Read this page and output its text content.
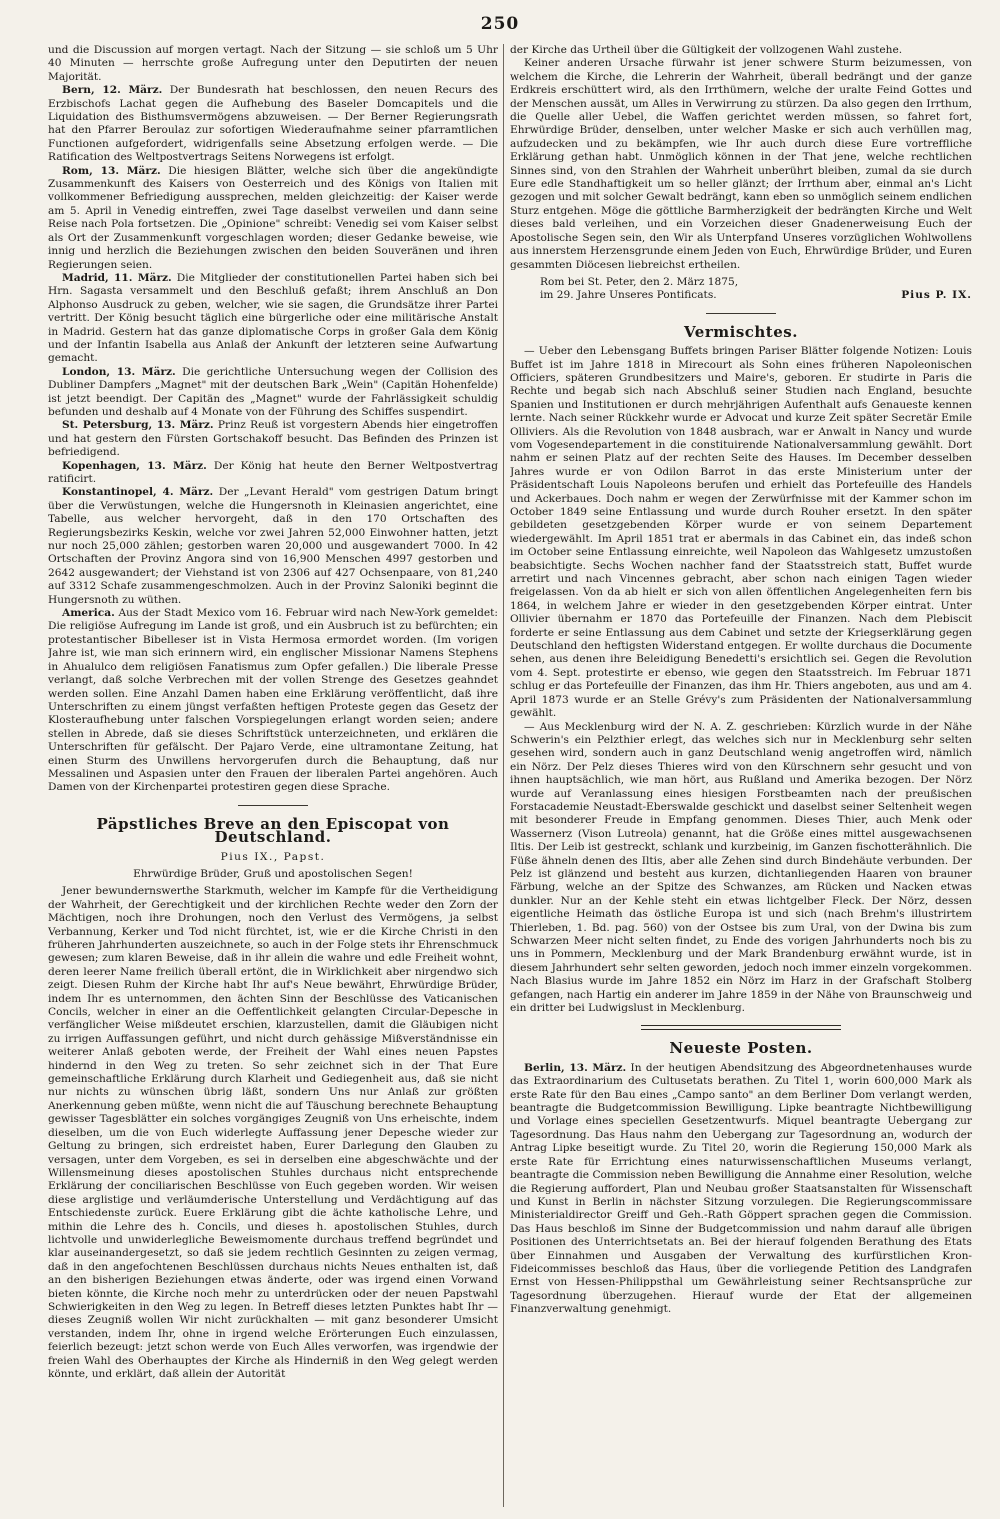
250

und die Discussion auf morgen vertagt. Nach der Sitzung — sie schloß um 5 Uhr 40 Minuten — herrschte große Aufregung unter den Deputirten der neuen Majorität.

Bern, 12. März. Der Bundesrath hat beschlossen, den neuen Recurs des Erzbischofs Lachat gegen die Aufhebung des Baseler Domcapitels und die Liquidation des Bisthumsvermögens abzuweisen. — Der Berner Regierungsrath hat den Pfarrer Beroulaz zur sofortigen Wiederaufnahme seiner pfarramtlichen Functionen aufgefordert, widrigenfalls seine Absetzung erfolgen werde. — Die Ratification des Weltpostvertrags Seitens Norwegens ist erfolgt.

Rom, 13. März. Die hiesigen Blätter, welche sich über die angekündigte Zusammenkunft des Kaisers von Oesterreich und des Königs von Italien mit vollkommener Befriedigung aussprechen, melden gleichzeitig: der Kaiser werde am 5. April in Venedig eintreffen, zwei Tage daselbst verweilen und dann seine Reise nach Pola fortsetzen. Die „Opinione" schreibt: Venedig sei vom Kaiser selbst als Ort der Zusammenkunft vorgeschlagen worden; dieser Gedanke beweise, wie innig und herzlich die Beziehungen zwischen den beiden Souveränen und ihren Regierungen seien.

Madrid, 11. März. Die Mitglieder der constitutionellen Partei haben sich bei Hrn. Sagasta versammelt und den Beschluß gefaßt; ihrem Anschluß an Don Alphonso Ausdruck zu geben, welcher, wie sie sagen, die Grundsätze ihrer Partei vertritt. Der König besucht täglich eine bürgerliche oder eine militärische Anstalt in Madrid. Gestern hat das ganze diplomatische Corps in großer Gala dem König und der Infantin Isabella aus Anlaß der Ankunft der letzteren seine Aufwartung gemacht.

London, 13. März. Die gerichtliche Untersuchung wegen der Collision des Dubliner Dampfers „Magnet" mit der deutschen Bark „Wein" (Capitän Hohenfelde) ist jetzt beendigt. Der Capitän des „Magnet" wurde der Fahrlässigkeit schuldig befunden und deshalb auf 4 Monate von der Führung des Schiffes suspendirt.

St. Petersburg, 13. März. Prinz Reuß ist vorgestern Abends hier eingetroffen und hat gestern den Fürsten Gortschakoff besucht. Das Befinden des Prinzen ist befriedigend.

Kopenhagen, 13. März. Der König hat heute den Berner Weltpostvertrag ratificirt.

Konstantinopel, 4. März. Der „Levant Herald" vom gestrigen Datum bringt über die Verwüstungen, welche die Hungersnoth in Kleinasien angerichtet, eine Tabelle, aus welcher hervorgeht, daß in den 170 Ortschaften des Regierungsbezirks Keskin, welche vor zwei Jahren 52,000 Einwohner hatten, jetzt nur noch 25,000 zählen; gestorben waren 20,000 und ausgewandert 7000. In 42 Ortschaften der Provinz Angora sind von 16,900 Menschen 4997 gestorben und 2642 ausgewandert; der Viehstand ist von 2306 auf 427 Ochsenpaare, von 81,240 auf 3312 Schafe zusammengeschmolzen. Auch in der Provinz Saloniki beginnt die Hungersnoth zu wüthen.

America. Aus der Stadt Mexico vom 16. Februar wird nach New-York gemeldet: Die religiöse Aufregung im Lande ist groß, und ein Ausbruch ist zu befürchten; ein protestantischer Bibelleser ist in Vista Hermosa ermordet worden. (Im vorigen Jahre ist, wie man sich erinnern wird, ein englischer Missionar Namens Stephens in Ahualulco dem religiösen Fanatismus zum Opfer gefallen.) Die liberale Presse verlangt, daß solche Verbrechen mit der vollen Strenge des Gesetzes geahndet werden sollen. Eine Anzahl Damen haben eine Erklärung veröffentlicht, daß ihre Unterschriften zu einem jüngst verfaßten heftigen Proteste gegen das Gesetz der Klosteraufhebung unter falschen Vorspiegelungen erlangt worden seien; andere stellen in Abrede, daß sie dieses Schriftstück unterzeichneten, und erklären die Unterschriften für gefälscht. Der Pajaro Verde, eine ultramontane Zeitung, hat einen Sturm des Unwillens hervorgerufen durch die Behauptung, daß nur Messalinen und Aspasien unter den Frauen der liberalen Partei angehören. Auch Damen von der Kirchenpartei protestiren gegen diese Sprache.

Päpstliches Breve an den Episcopat von Deutschland.
Pius IX., Papst.
Ehrwürdige Brüder, Gruß und apostolischen Segen!

Jener bewundernswerthe Starkmuth, welcher im Kampfe für die Vertheidigung der Wahrheit, der Gerechtigkeit und der kirchlichen Rechte weder den Zorn der Mächtigen, noch ihre Drohungen, noch den Verlust des Vermögens, ja selbst Verbannung, Kerker und Tod nicht fürchtet, ist, wie er die Kirche Christi in den früheren Jahrhunderten auszeichnete, so auch in der Folge stets ihr Ehrenschmuck gewesen; zum klaren Beweise, daß in ihr allein die wahre und edle Freiheit wohnt, deren leerer Name freilich überall ertönt, die in Wirklichkeit aber nirgendwo sich zeigt. Diesen Ruhm der Kirche habt Ihr auf's Neue bewährt, Ehrwürdige Brüder, indem Ihr es unternommen, den ächten Sinn der Beschlüsse des Vaticanischen Concils, welcher in einer an die Oeffentlichkeit gelangten Circular-Depesche in verfänglicher Weise mißdeutet erschien, klarzustellen, damit die Gläubigen nicht zu irrigen Auffassungen geführt, und nicht durch gehässige Mißverständnisse ein weiterer Anlaß geboten werde, der Freiheit der Wahl eines neuen Papstes hindernd in den Weg zu treten. So sehr zeichnet sich in der That Eure gemeinschaftliche Erklärung durch Klarheit und Gediegenheit aus, daß sie nicht nur nichts zu wünschen übrig läßt, sondern Uns nur Anlaß zur größten Anerkennung geben müßte, wenn nicht die auf Täuschung berechnete Behauptung gewisser Tagesblätter ein solches vorgängiges Zeugniß von Uns erheischte, indem dieselben, um die von Euch widerlegte Auffassung jener Depesche wieder zur Geltung zu bringen, sich erdreistet haben, Eurer Darlegung den Glauben zu versagen, unter dem Vorgeben, es sei in derselben eine abgeschwächte und der Willensmeinung dieses apostolischen Stuhles durchaus nicht entsprechende Erklärung der conciliarischen Beschlüsse von Euch gegeben worden. Wir weisen diese arglistige und verläumderische Unterstellung und Verdächtigung auf das Entschiedenste zurück. Euere Erklärung gibt die ächte katholische Lehre, und mithin die Lehre des h. Concils, und dieses h. apostolischen Stuhles, durch lichtvolle und unwiderlegliche Beweismomente durchaus treffend begründet und klar auseinandergesetzt, so daß sie jedem rechtlich Gesinnten zu zeigen vermag, daß in den angefochtenen Beschlüssen durchaus nichts Neues enthalten ist, daß an den bisherigen Beziehungen etwas änderte, oder was irgend einen Vorwand bieten könnte, die Kirche noch mehr zu unterdrücken oder der neuen Papstwahl Schwierigkeiten in den Weg zu legen. In Betreff dieses letzten Punktes habt Ihr — dieses Zeugniß wollen Wir nicht zurückhalten — mit ganz besonderer Umsicht verstanden, indem Ihr, ohne in irgend welche Erörterungen Euch einzulassen, feierlich bezeugt: jetzt schon werde von Euch Alles verworfen, was irgendwie der freien Wahl des Oberhauptes der Kirche als Hinderniß in den Weg gelegt werden könnte, und erklärt, daß allein der Autorität

der Kirche das Urtheil über die Gültigkeit der vollzogenen Wahl zustehe.

Keiner anderen Ursache fürwahr ist jener schwere Sturm beizumessen, von welchem die Kirche, die Lehrerin der Wahrheit, überall bedrängt und der ganze Erdkreis erschüttert wird, als den Irrthümern, welche der uralte Feind Gottes und der Menschen aussät, um Alles in Verwirrung zu stürzen. Da also gegen den Irrthum, die Quelle aller Uebel, die Waffen gerichtet werden müssen, so fahret fort, Ehrwürdige Brüder, denselben, unter welcher Maske er sich auch verhüllen mag, aufzudecken und zu bekämpfen, wie Ihr auch durch diese Eure vortreffliche Erklärung gethan habt. Unmöglich können in der That jene, welche rechtlichen Sinnes sind, von den Strahlen der Wahrheit unberührt bleiben, zumal da sie durch Eure edle Standhaftigkeit um so heller glänzt; der Irrthum aber, einmal an's Licht gezogen und mit solcher Gewalt bedrängt, kann eben so unmöglich seinem endlichen Sturz entgehen. Möge die göttliche Barmherzigkeit der bedrängten Kirche und Welt dieses bald verleihen, und ein Vorzeichen dieser Gnadenerweisung Euch der Apostolische Segen sein, den Wir als Unterpfand Unseres vorzüglichen Wohlwollens aus innerstem Herzensgrunde einem Jeden von Euch, Ehrwürdige Brüder, und Euren gesammten Diöcesen liebreichst ertheilen.

Rom bei St. Peter, den 2. März 1875,
im 29. Jahre Unseres Pontificats.	Pius P. IX.
Vermischtes.

— Ueber den Lebensgang Buffets bringen Pariser Blätter folgende Notizen: Louis Buffet ist im Jahre 1818 in Mirecourt als Sohn eines früheren Napoleonischen Officiers, späteren Grundbesitzers und Maire's, geboren. Er studirte in Paris die Rechte und begab sich nach Abschluß seiner Studien nach England, besuchte Spanien und Institutionen er durch mehrjährigen Aufenthalt aufs Genaueste kennen lernte. Nach seiner Rückkehr wurde er Advocat und kurze Zeit später Secretär Emile Olliviers. Als die Revolution von 1848 ausbrach, war er Anwalt in Nancy und wurde vom Vogesendepartement in die constituirende Nationalversammlung gewählt. Dort nahm er seinen Platz auf der rechten Seite des Hauses. Im December desselben Jahres wurde er von Odilon Barrot in das erste Ministerium unter der Präsidentschaft Louis Napoleons berufen und erhielt das Portefeuille des Handels und Ackerbaues. Doch nahm er wegen der Zerwürfnisse mit der Kammer schon im October 1849 seine Entlassung und wurde durch Rouher ersetzt. In den später gebildeten gesetzgebenden Körper wurde er von seinem Departement wiedergewählt. Im April 1851 trat er abermals in das Cabinet ein, das indeß schon im October seine Entlassung einreichte, weil Napoleon das Wahlgesetz umzustoßen beabsichtigte. Sechs Wochen nachher fand der Staatsstreich statt, Buffet wurde arretirt und nach Vincennes gebracht, aber schon nach einigen Tagen wieder freigelassen. Von da ab hielt er sich von allen öffentlichen Angelegenheiten fern bis 1864, in welchem Jahre er wieder in den gesetzgebenden Körper eintrat. Unter Ollivier übernahm er 1870 das Portefeuille der Finanzen. Nach dem Plebiscit forderte er seine Entlassung aus dem Cabinet und setzte der Kriegserklärung gegen Deutschland den heftigsten Widerstand entgegen. Er wollte durchaus die Documente sehen, aus denen ihre Beleidigung Benedetti's ersichtlich sei. Gegen die Revolution vom 4. Sept. protestirte er ebenso, wie gegen den Staatsstreich. Im Februar 1871 schlug er das Portefeuille der Finanzen, das ihm Hr. Thiers angeboten, aus und am 4. April 1873 wurde er an Stelle Grévy's zum Präsidenten der Nationalversammlung gewählt.

— Aus Mecklenburg wird der N. A. Z. geschrieben: Kürzlich wurde in der Nähe Schwerin's ein Pelzthier erlegt, das welches sich nur in Mecklenburg sehr selten gesehen wird, sondern auch in ganz Deutschland wenig angetroffen wird, nämlich ein Nörz. Der Pelz dieses Thieres wird von den Kürschnern sehr gesucht und von ihnen hauptsächlich, wie man hört, aus Rußland und Amerika bezogen. Der Nörz wurde auf Veranlassung eines hiesigen Forstbeamten nach der preußischen Forstacademie Neustadt-Eberswalde geschickt und daselbst seiner Seltenheit wegen mit besonderer Freude in Empfang genommen. Dieses Thier, auch Menk oder Wassernerz (Vison Lutreola) genannt, hat die Größe eines mittel ausgewachsenen Iltis. Der Leib ist gestreckt, schlank und kurzbeinig, im Ganzen fischotterähnlich. Die Füße ähneln denen des Iltis, aber alle Zehen sind durch Bindehäute verbunden. Der Pelz ist glänzend und besteht aus kurzen, dichtanliegenden Haaren von brauner Färbung, welche an der Spitze des Schwanzes, am Rücken und Nacken etwas dunkler. Nur an der Kehle steht ein etwas lichtgelber Fleck. Der Nörz, dessen eigentliche Heimath das östliche Europa ist und sich (nach Brehm's illustrirtem Thierleben, 1. Bd. pag. 560) von der Ostsee bis zum Ural, von der Dwina bis zum Schwarzen Meer nicht selten findet, zu Ende des vorigen Jahrhunderts noch bis zu uns in Pommern, Mecklenburg und der Mark Brandenburg erwähnt wurde, ist in diesem Jahrhundert sehr selten geworden, jedoch noch immer einzeln vorgekommen. Nach Blasius wurde im Jahre 1852 ein Nörz im Harz in der Grafschaft Stolberg gefangen, nach Hartig ein anderer im Jahre 1859 in der Nähe von Braunschweig und ein dritter bei Ludwigslust in Mecklenburg.

Neueste Posten.

Berlin, 13. März. In der heutigen Abendsitzung des Abgeordnetenhauses wurde das Extraordinarium des Cultusetats berathen. Zu Titel 1, worin 600,000 Mark als erste Rate für den Bau eines „Campo santo" an dem Berliner Dom verlangt werden, beantragte die Budgetcommission Bewilligung. Lipke beantragte Nichtbewilligung und Vorlage eines speciellen Gesetzentwurfs. Miquel beantragte Uebergang zur Tagesordnung. Das Haus nahm den Uebergang zur Tagesordnung an, wodurch der Antrag Lipke beseitigt wurde. Zu Titel 20, worin die Regierung 150,000 Mark als erste Rate für Errichtung eines naturwissenschaftlichen Museums verlangt, beantragte die Commission neben Bewilligung die Annahme einer Resolution, welche die Regierung auffordert, Plan und Neubau großer Staatsanstalten für Wissenschaft und Kunst in Berlin in nächster Sitzung vorzulegen. Die Regierungscommissare Ministerialdirector Greiff und Geh.-Rath Göppert sprachen gegen die Commission. Das Haus beschloß im Sinne der Budgetcommission und nahm darauf alle übrigen Positionen des Unterrichtsetats an. Bei der hierauf folgenden Berathung des Etats über Einnahmen und Ausgaben der Verwaltung des kurfürstlichen Kron-Fideicommisses beschloß das Haus, über die vorliegende Petition des Landgrafen Ernst von Hessen-Philippsthal um Gewährleistung seiner Rechtsansprüche zur Tagesordnung überzugehen. Hierauf wurde der Etat der allgemeinen Finanzverwaltung genehmigt.
